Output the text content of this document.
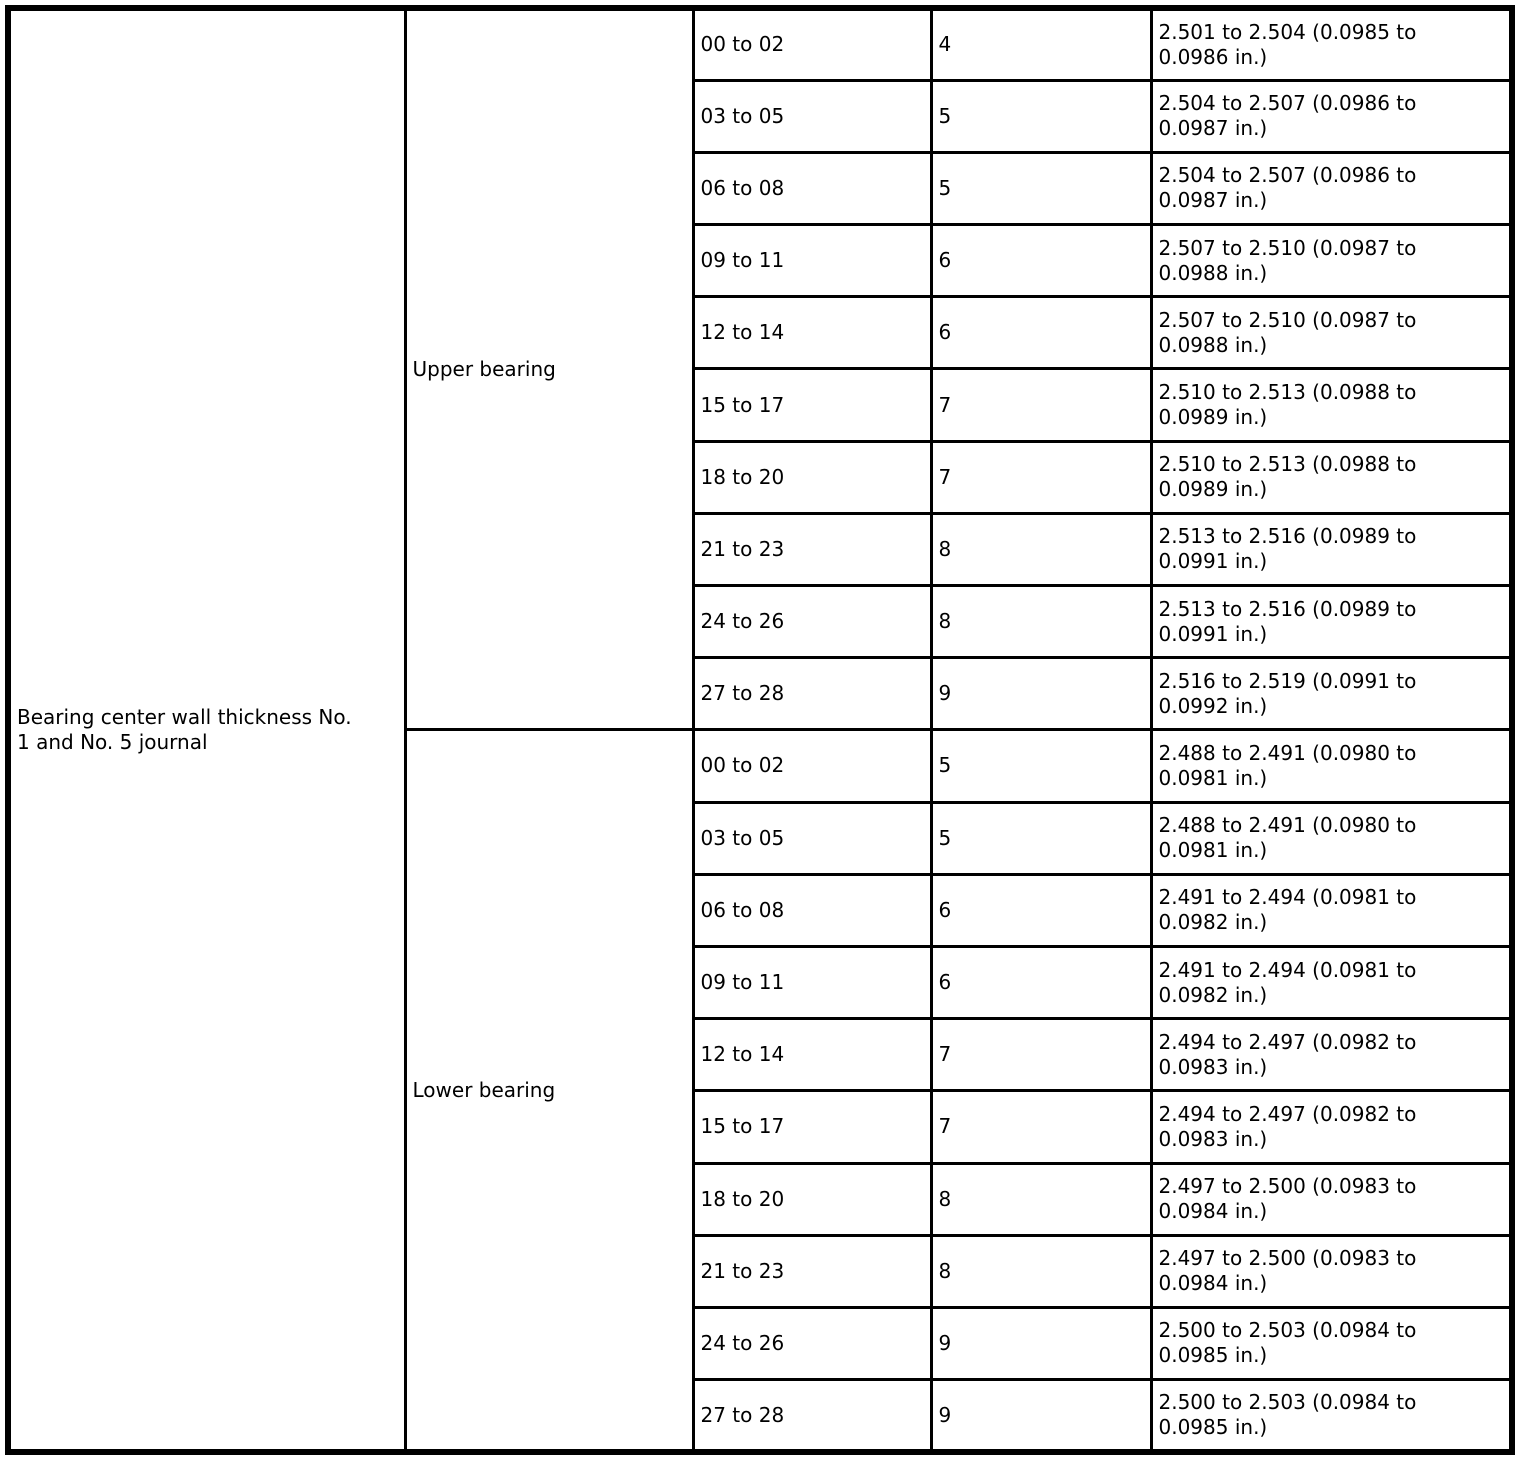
Bearing center wall thickness No. 1 and No. 5 journal	Upper bearing	00 to 02	4	2.501 to 2.504 (0.0985 to 0.0986 in.)

		03 to 05	5	2.504 to 2.507 (0.0986 to 0.0987 in.)

		06 to 08	5	2.504 to 2.507 (0.0986 to 0.0987 in.)

		09 to 11	6	2.507 to 2.510 (0.0987 to 0.0988 in.)

		12 to 14	6	2.507 to 2.510 (0.0987 to 0.0988 in.)

		15 to 17	7	2.510 to 2.513 (0.0988 to 0.0989 in.)

		18 to 20	7	2.510 to 2.513 (0.0988 to 0.0989 in.)

		21 to 23	8	2.513 to 2.516 (0.0989 to 0.0991 in.)

		24 to 26	8	2.513 to 2.516 (0.0989 to 0.0991 in.)

		27 to 28	9	2.516 to 2.519 (0.0991 to 0.0992 in.)

	Lower bearing	00 to 02	5	2.488 to 2.491 (0.0980 to 0.0981 in.)

		03 to 05	5	2.488 to 2.491 (0.0980 to 0.0981 in.)

		06 to 08	6	2.491 to 2.494 (0.0981 to 0.0982 in.)

		09 to 11	6	2.491 to 2.494 (0.0981 to 0.0982 in.)

		12 to 14	7	2.494 to 2.497 (0.0982 to 0.0983 in.)

		15 to 17	7	2.494 to 2.497 (0.0982 to 0.0983 in.)

		18 to 20	8	2.497 to 2.500 (0.0983 to 0.0984 in.)

		21 to 23	8	2.497 to 2.500 (0.0983 to 0.0984 in.)

		24 to 26	9	2.500 to 2.503 (0.0984 to 0.0985 in.)

		27 to 28	9	2.500 to 2.503 (0.0984 to 0.0985 in.)
